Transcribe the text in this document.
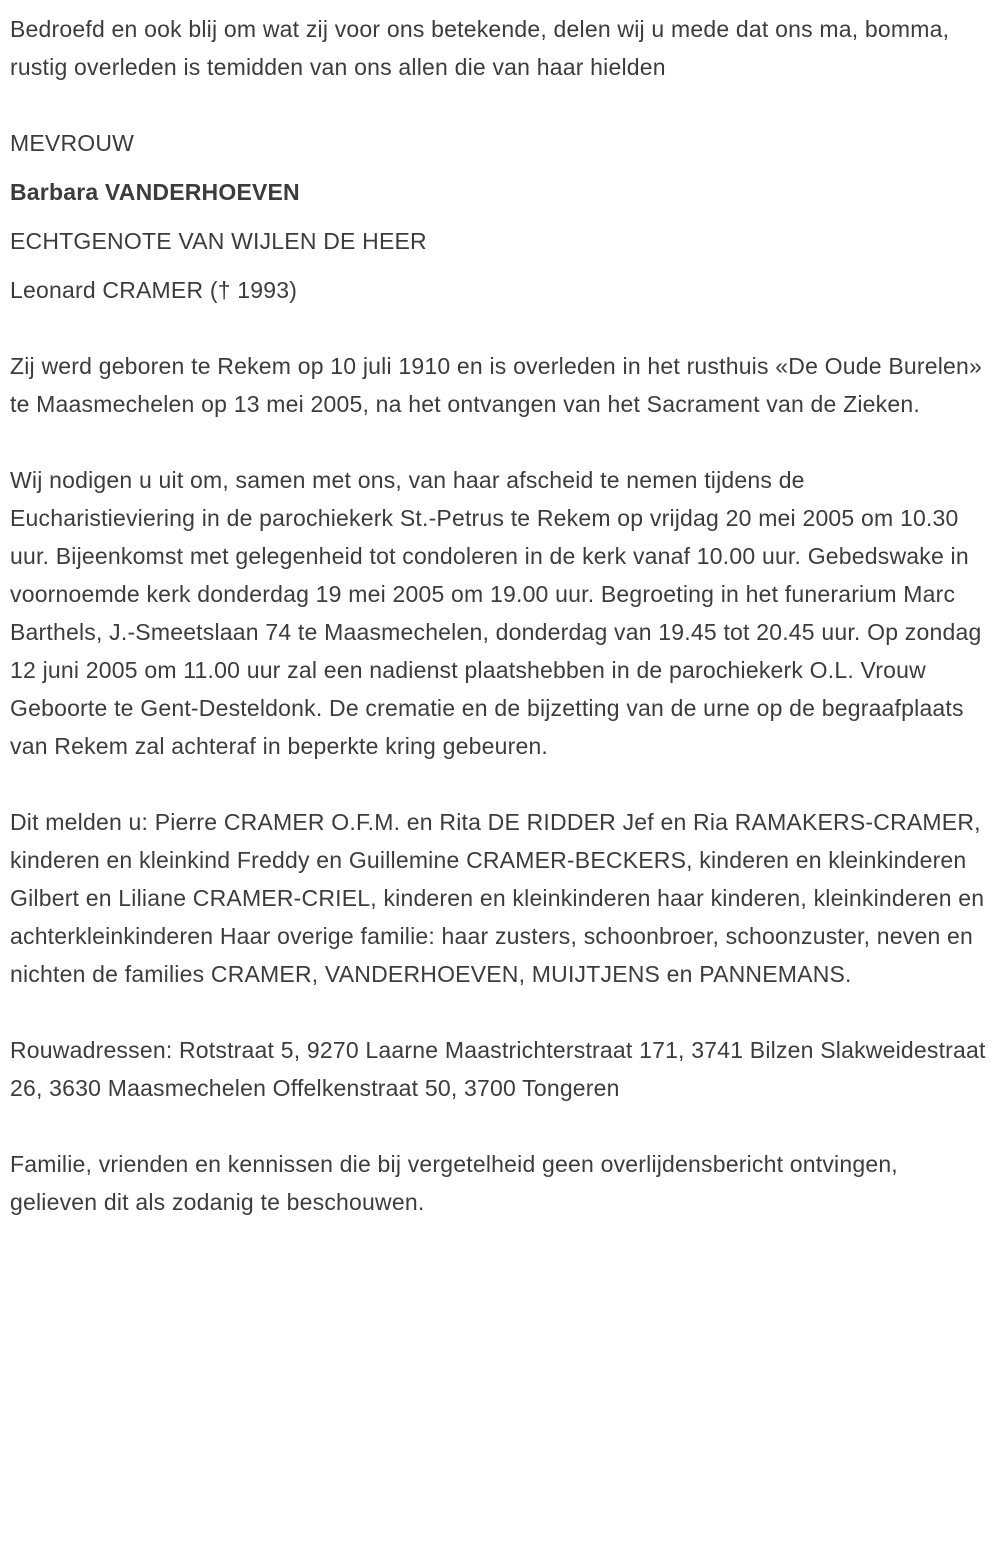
Bedroefd en ook blij om wat zij voor ons betekende, delen wij u mede dat ons ma, bomma, rustig overleden is temidden van ons allen die van haar hielden

MEVROUW

Barbara VANDERHOEVEN

ECHTGENOTE VAN WIJLEN DE HEER

Leonard CRAMER († 1993)

Zij werd geboren te Rekem op 10 juli 1910 en is overleden in het rusthuis «De Oude Burelen» te Maasmechelen op 13 mei 2005, na het ontvangen van het Sacrament van de Zieken.

Wij nodigen u uit om, samen met ons, van haar afscheid te nemen tijdens de Eucharistieviering in de parochiekerk St.-Petrus te Rekem op vrijdag 20 mei 2005 om 10.30 uur. Bijeenkomst met gelegenheid tot condoleren in de kerk vanaf 10.00 uur. Gebedswake in voornoemde kerk donderdag 19 mei 2005 om 19.00 uur. Begroeting in het funerarium Marc Barthels, J.-Smeetslaan 74 te Maasmechelen, donderdag van 19.45 tot 20.45 uur. Op zondag 12 juni 2005 om 11.00 uur zal een nadienst plaatshebben in de parochiekerk O.L. Vrouw Geboorte te Gent-Desteldonk. De crematie en de bijzetting van de urne op de begraafplaats van Rekem zal achteraf in beperkte kring gebeuren.

Dit melden u: Pierre CRAMER O.F.M. en Rita DE RIDDER Jef en Ria RAMAKERS-CRAMER, kinderen en kleinkind Freddy en Guillemine CRAMER-BECKERS, kinderen en kleinkinderen Gilbert en Liliane CRAMER-CRIEL, kinderen en kleinkinderen haar kinderen, kleinkinderen en achterkleinkinderen Haar overige familie: haar zusters, schoonbroer, schoonzuster, neven en nichten de families CRAMER, VANDERHOEVEN, MUIJTJENS en PANNEMANS.

Rouwadressen: Rotstraat 5, 9270 Laarne Maastrichterstraat 171, 3741 Bilzen Slakweidestraat 26, 3630 Maasmechelen Offelkenstraat 50, 3700 Tongeren

Familie, vrienden en kennissen die bij vergetelheid geen overlijdensbericht ontvingen, gelieven dit als zodanig te beschouwen.
